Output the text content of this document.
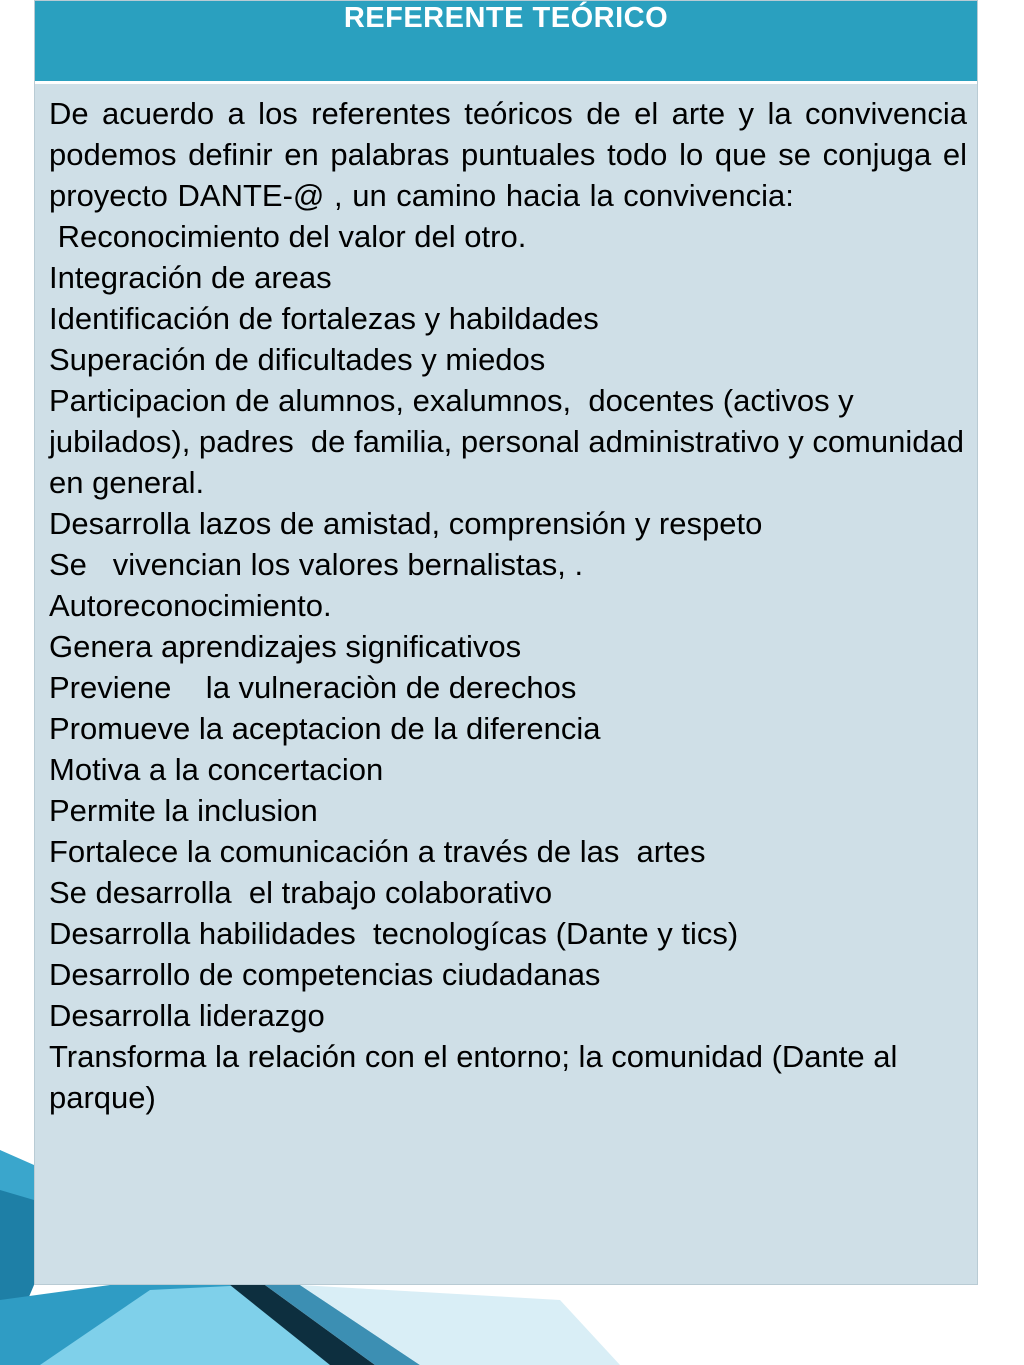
REFERENTE TEÓRICO

De acuerdo a los referentes teóricos de el arte y la convivencia podemos definir en palabras puntuales todo lo que se conjuga el proyecto DANTE-@ , un camino hacia la convivencia:

Reconocimiento del valor del otro.
Integración de areas
Identificación de fortalezas y habildades
Superación de dificultades y miedos
Participacion de alumnos, exalumnos,  docentes (activos y jubilados), padres  de familia, personal administrativo y comunidad en general.
Desarrolla lazos de amistad, comprensión y respeto
Se   vivencian los valores bernalistas, .
Autoreconocimiento.
Genera aprendizajes significativos
Previene    la vulneraciòn de derechos
Promueve la aceptacion de la diferencia
Motiva a la concertacion
Permite la inclusion
Fortalece la comunicación a través de las  artes
Se desarrolla  el trabajo colaborativo
Desarrolla habilidades  tecnologícas (Dante y tics)
Desarrollo de competencias ciudadanas
Desarrolla liderazgo
Transforma la relación con el entorno; la comunidad (Dante al parque)
